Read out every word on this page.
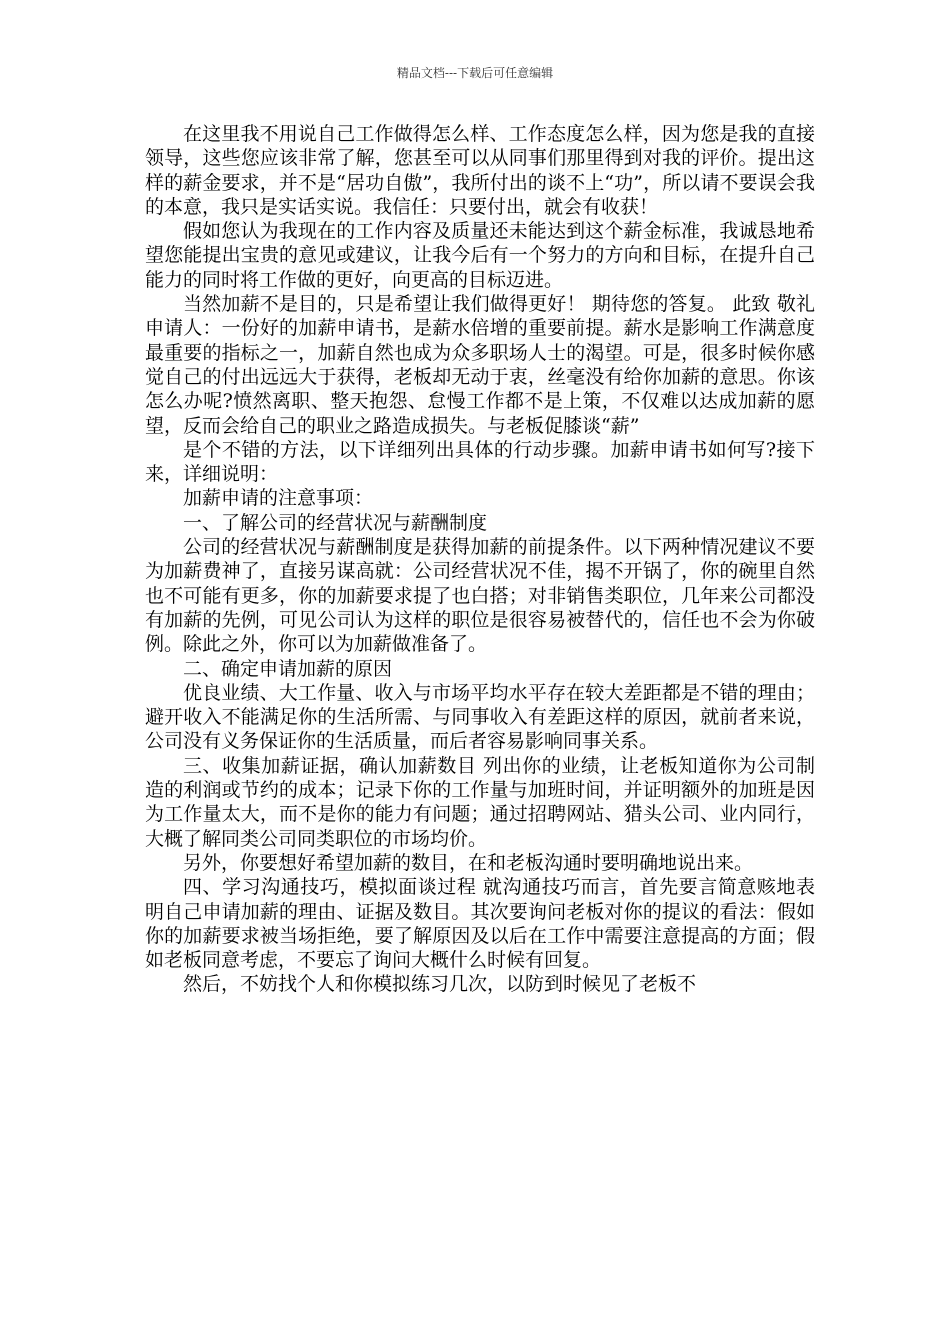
精品文档---下载后可任意编辑

在这里我不用说自己工作做得怎么样、工作态度怎么样，因为您是我的直接领导，这些您应该非常了解，您甚至可以从同事们那里得到对我的评价。提出这样的薪金要求，并不是“居功自傲”，我所付出的谈不上“功”，所以请不要误会我的本意，我只是实话实说。我信任：只要付出，就会有收获！

假如您认为我现在的工作内容及质量还未能达到这个薪金标准，我诚恳地希望您能提出宝贵的意见或建议，让我今后有一个努力的方向和目标，在提升自己能力的同时将工作做的更好，向更高的目标迈进。

当然加薪不是目的，只是希望让我们做得更好！ 期待您的答复。 此致 敬礼 申请人：一份好的加薪申请书，是薪水倍增的重要前提。薪水是影响工作满意度最重要的指标之一，加薪自然也成为众多职场人士的渴望。可是，很多时候你感觉自己的付出远远大于获得，老板却无动于衷，丝毫没有给你加薪的意思。你该怎么办呢?愤然离职、整天抱怨、怠慢工作都不是上策，不仅难以达成加薪的愿望，反而会给自己的职业之路造成损失。与老板促膝谈“薪”

是个不错的方法，以下详细列出具体的行动步骤。加薪申请书如何写?接下来，详细说明：

加薪申请的注意事项：

一、了解公司的经营状况与薪酬制度

公司的经营状况与薪酬制度是获得加薪的前提条件。以下两种情况建议不要为加薪费神了，直接另谋高就：公司经营状况不佳，揭不开锅了，你的碗里自然也不可能有更多，你的加薪要求提了也白搭；对非销售类职位，几年来公司都没有加薪的先例，可见公司认为这样的职位是很容易被替代的，信任也不会为你破例。除此之外，你可以为加薪做准备了。

二、确定申请加薪的原因

优良业绩、大工作量、收入与市场平均水平存在较大差距都是不错的理由；避开收入不能满足你的生活所需、与同事收入有差距这样的原因，就前者来说，公司没有义务保证你的生活质量，而后者容易影响同事关系。

三、收集加薪证据，确认加薪数目 列出你的业绩，让老板知道你为公司制造的利润或节约的成本；记录下你的工作量与加班时间，并证明额外的加班是因为工作量太大，而不是你的能力有问题；通过招聘网站、猎头公司、业内同行，大概了解同类公司同类职位的市场均价。

另外，你要想好希望加薪的数目，在和老板沟通时要明确地说出来。

四、学习沟通技巧，模拟面谈过程 就沟通技巧而言，首先要言简意赅地表明自己申请加薪的理由、证据及数目。其次要询问老板对你的提议的看法：假如你的加薪要求被当场拒绝，要了解原因及以后在工作中需要注意提高的方面；假如老板同意考虑，不要忘了询问大概什么时候有回复。

然后，不妨找个人和你模拟练习几次，以防到时候见了老板不
